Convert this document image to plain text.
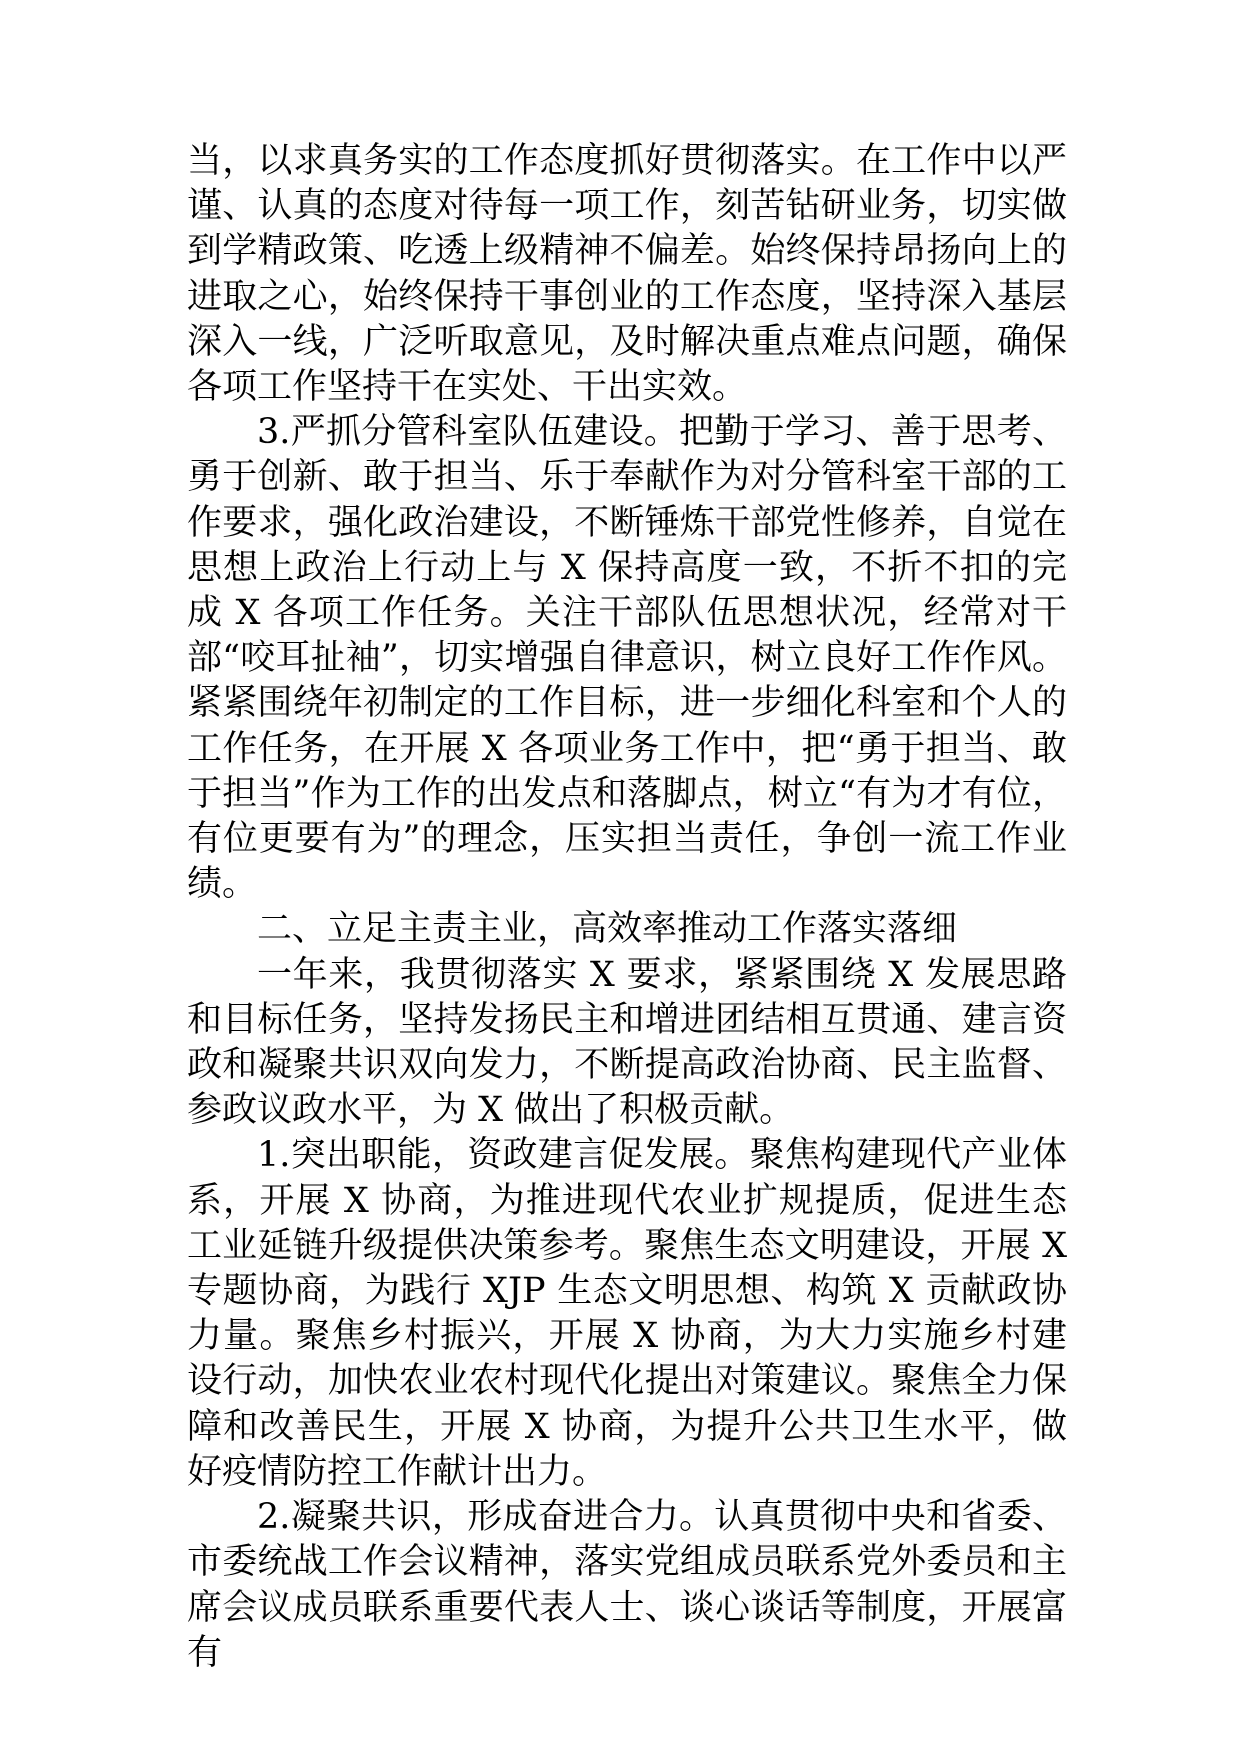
当，以求真务实的工作态度抓好贯彻落实。在工作中以严谨、认真的态度对待每一项工作，刻苦钻研业务，切实做到学精政策、吃透上级精神不偏差。始终保持昂扬向上的进取之心，始终保持干事创业的工作态度，坚持深入基层深入一线，广泛听取意见，及时解决重点难点问题，确保各项工作坚持干在实处、干出实效。

3.严抓分管科室队伍建设。把勤于学习、善于思考、勇于创新、敢于担当、乐于奉献作为对分管科室干部的工作要求，强化政治建设，不断锤炼干部党性修养，自觉在思想上政治上行动上与 X 保持高度一致，不折不扣的完成 X 各项工作任务。关注干部队伍思想状况，经常对干部“咬耳扯袖”，切实增强自律意识，树立良好工作作风。紧紧围绕年初制定的工作目标，进一步细化科室和个人的工作任务，在开展 X 各项业务工作中，把“勇于担当、敢于担当”作为工作的出发点和落脚点，树立“有为才有位，有位更要有为”的理念，压实担当责任，争创一流工作业绩。

二、立足主责主业，高效率推动工作落实落细

一年来，我贯彻落实 X 要求，紧紧围绕 X 发展思路和目标任务，坚持发扬民主和增进团结相互贯通、建言资政和凝聚共识双向发力，不断提高政治协商、民主监督、参政议政水平，为 X 做出了积极贡献。

1.突出职能，资政建言促发展。聚焦构建现代产业体系，开展 X 协商，为推进现代农业扩规提质，促进生态工业延链升级提供决策参考。聚焦生态文明建设，开展 X 专题协商，为践行 XJP 生态文明思想、构筑 X 贡献政协力量。聚焦乡村振兴，开展 X 协商，为大力实施乡村建设行动，加快农业农村现代化提出对策建议。聚焦全力保障和改善民生，开展 X 协商，为提升公共卫生水平，做好疫情防控工作献计出力。

2.凝聚共识，形成奋进合力。认真贯彻中央和省委、市委统战工作会议精神，落实党组成员联系党外委员和主席会议成员联系重要代表人士、谈心谈话等制度，开展富有
